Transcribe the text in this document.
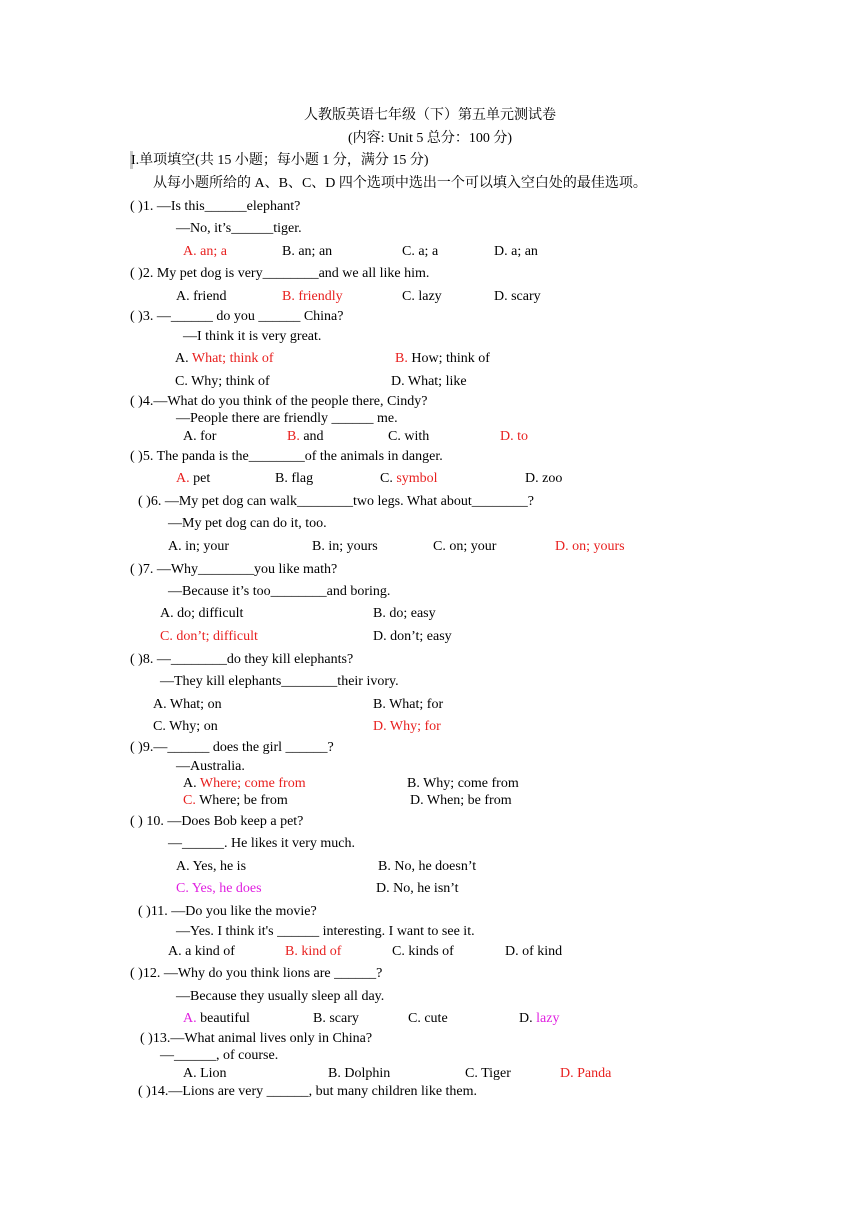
人教版英语七年级（下）第五单元测试卷
(内容: Unit 5 总分：100 分)
I.单项填空(共 15 小题；每小题 1 分，满分 15 分)
从每小题所给的 A、B、C、D 四个选项中选出一个可以填入空白处的最佳选项。
( )1. —Is this______elephant?
—No, it’s______tiger.
A. an; a	B. an; an	C. a; a	D. a; an
( )2. My pet dog is very________and we all like him.
A. friend	B. friendly	C. lazy	D. scary
( )3. —______ do you ______ China?
—I think it is very great.
A. What; think of	B. How; think of
C. Why; think of	D. What; like
( )4.—What do you think of the people there, Cindy?
—People there are friendly ______ me.
A. for	B. and	C. with	D. to
( )5. The panda is the________of the animals in danger.
A. pet	B. flag	C. symbol	D. zoo
( )6. —My pet dog can walk________two legs. What about________?
—My pet dog can do it, too.
A. in; your	B. in; yours	C. on; your	D. on; yours
( )7. —Why________you like math?
—Because it’s too________and boring.
A. do; difficult	B. do; easy
C. don’t; difficult	D. don’t; easy
( )8. —________do they kill elephants?
—They kill elephants________their ivory.
A. What; on	B. What; for
C. Why; on	D. Why; for
( )9.—______ does the girl ______?
—Australia.
A. Where; come from	B. Why; come from
C. Where; be from	D. When; be from
( ) 10. —Does Bob keep a pet?
—______. He likes it very much.
A. Yes, he is	B. No, he doesn’t
C. Yes, he does	D. No, he isn’t
( )11. —Do you like the movie?
—Yes. I think it's ______ interesting. I want to see it.
A. a kind of	B. kind of	C. kinds of	D. of kind
( )12. —Why do you think lions are ______?
—Because they usually sleep all day.
A. beautiful	B. scary	C. cute	D. lazy
( )13.—What animal lives only in China?
—______, of course.
A. Lion	B. Dolphin	C. Tiger	D. Panda
( )14.—Lions are very ______, but many children like them.
